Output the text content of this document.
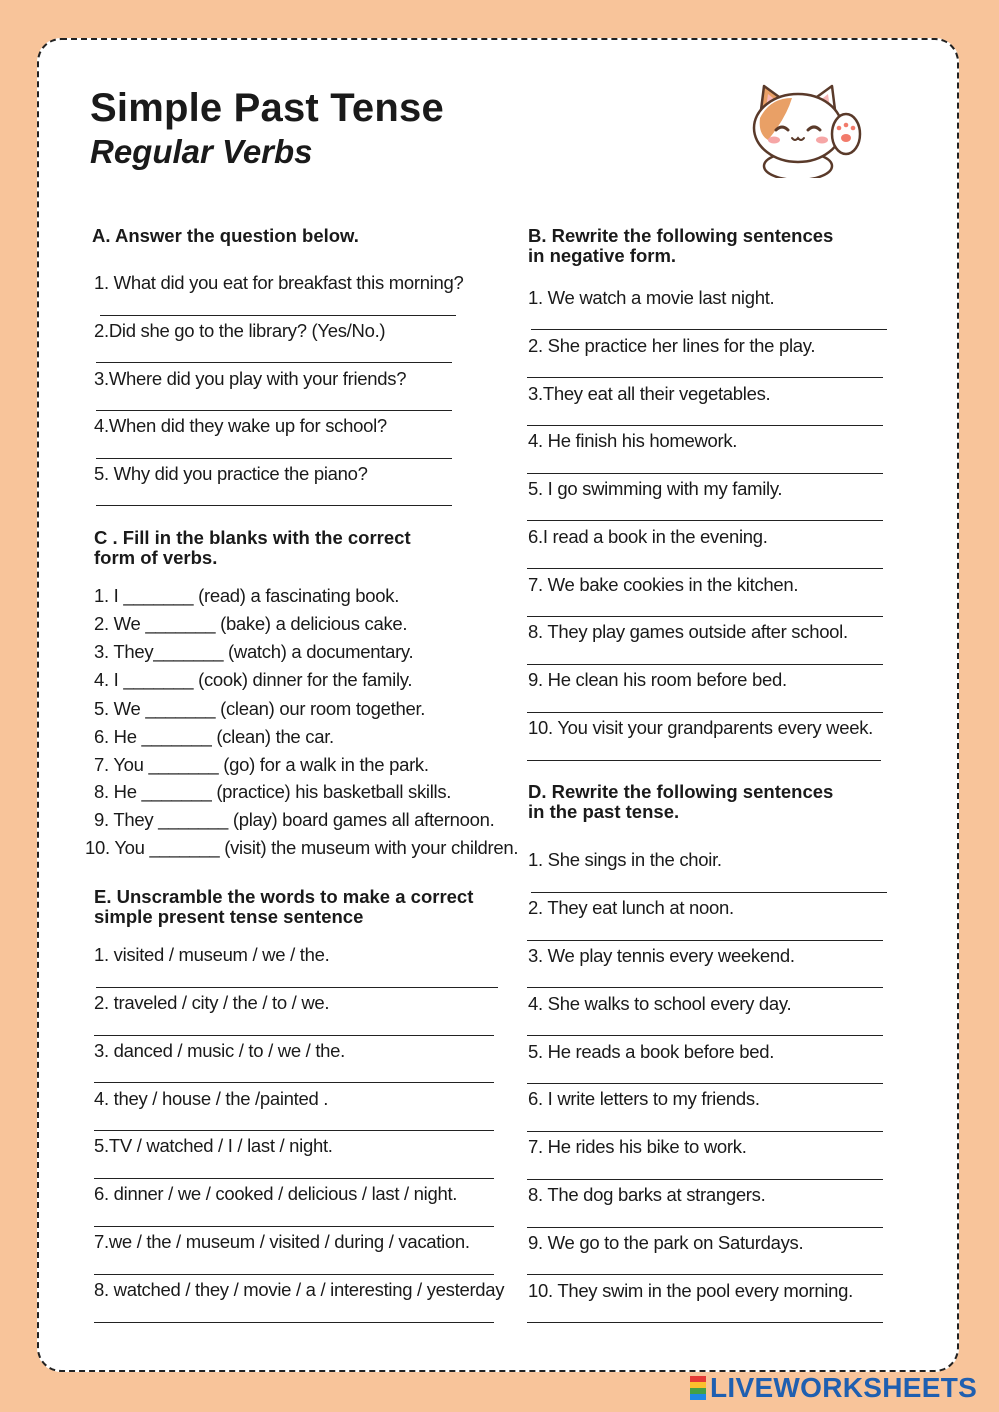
Simple Past Tense
Regular Verbs
A. Answer the question below.
1. What did you eat for breakfast this morning?
2.Did she go to the library? (Yes/No.)
3.Where did you play with your friends?
4.When did they wake up for school?
5. Why did you practice the piano?
C . Fill in the blanks with the correct
form of verbs.
1. I _______ (read) a fascinating book.
2. We _______ (bake) a delicious cake.
3. They_______ (watch) a documentary.
4. I _______ (cook) dinner for the family.
5. We _______ (clean) our room together.
6. He _______ (clean) the car.
7. You _______ (go) for a walk in the park.
8. He _______ (practice) his basketball skills.
9. They _______ (play) board games all afternoon.
10. You _______ (visit) the museum with your children.
E. Unscramble the words to make a correct
simple present tense sentence
1. visited / museum / we / the.
2. traveled / city / the / to / we.
3. danced / music / to / we / the.
4. they / house / the /painted .
5.TV / watched / I / last / night.
6. dinner / we / cooked / delicious / last / night.
7.we / the / museum / visited / during / vacation.
8. watched / they / movie / a / interesting / yesterday
B. Rewrite the following sentences
in negative form.
1. We watch a movie last night.
2. She practice her lines for the play.
3.They eat all their vegetables.
4. He finish his homework.
5. I go swimming with my family.
6.I read a book in the evening.
7. We bake cookies in the kitchen.
8. They play games outside after school.
9. He clean his room before bed.
10. You visit your grandparents every week.
D. Rewrite the following sentences
in the past tense.
1. She sings in the choir.
2. They eat lunch at noon.
3. We play tennis every weekend.
4. She walks to school every day.
5. He reads a book before bed.
6. I write letters to my friends.
7. He rides his bike to work.
8. The dog barks at strangers.
9. We go to the park on Saturdays.
10. They swim in the pool every morning.
LIVEWORKSHEETS
